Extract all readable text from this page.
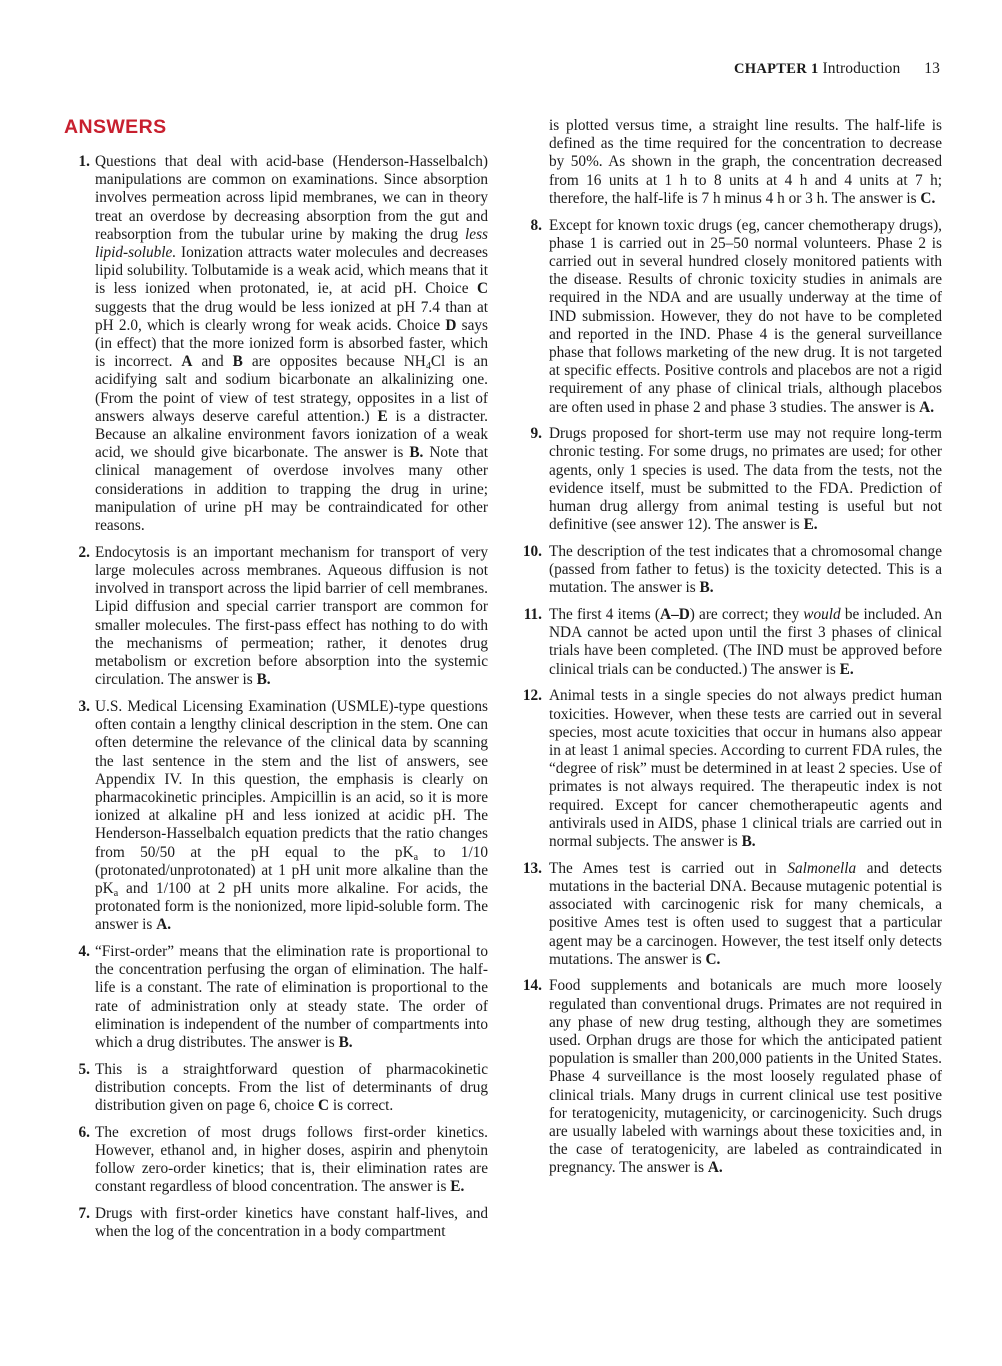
CHAPTER 1 Introduction 13
ANSWERS

1. Questions that deal with acid-base (Henderson-Hasselbalch) manipulations are common on examinations. Since absorption involves permeation across lipid membranes, we can in theory treat an overdose by decreasing absorption from the gut and reabsorption from the tubular urine by making the drug less lipid-soluble. Ionization attracts water molecules and decreases lipid solubility. Tolbutamide is a weak acid, which means that it is less ionized when protonated, ie, at acid pH. Choice C suggests that the drug would be less ionized at pH 7.4 than at pH 2.0, which is clearly wrong for weak acids. Choice D says (in effect) that the more ionized form is absorbed faster, which is incorrect. A and B are opposites because $NH_4Cl$ is an acidifying salt and sodium bicarbonate an alkalinizing one. (From the point of view of test strategy, opposites in a list of answers always deserve careful attention.) E is a distracter. Because an alkaline environment favors ionization of a weak acid, we should give bicarbonate. The answer is B. Note that clinical management of overdose involves many other considerations in addition to trapping the drug in urine; manipulation of urine pH may be contraindicated for other reasons.

2. Endocytosis is an important mechanism for transport of very large molecules across membranes. Aqueous diffusion is not involved in transport across the lipid barrier of cell membranes. Lipid diffusion and special carrier transport are common for smaller molecules. The first-pass effect has nothing to do with the mechanisms of permeation; rather, it denotes drug metabolism or excretion before absorption into the systemic circulation. The answer is B.

3. U.S. Medical Licensing Examination (USMLE)-type questions often contain a lengthy clinical description in the stem. One can often determine the relevance of the clinical data by scanning the last sentence in the stem and the list of answers, see Appendix IV. In this question, the emphasis is clearly on pharmacokinetic principles. Ampicillin is an acid, so it is more ionized at alkaline pH and less ionized at acidic pH. The Henderson-Hasselbalch equation predicts that the ratio changes from 50/50 at the pH equal to the $pK_a$ to 1/10 (protonated/unprotonated) at 1 pH unit more alkaline than the $pK_a$ and 1/100 at 2 pH units more alkaline. For acids, the protonated form is the nonionized, more lipid-soluble form. The answer is A.

4. “First-order” means that the elimination rate is proportional to the concentration perfusing the organ of elimination. The half-life is a constant. The rate of elimination is proportional to the rate of administration only at steady state. The order of elimination is independent of the number of compartments into which a drug distributes. The answer is B.

5. This is a straightforward question of pharmacokinetic distribution concepts. From the list of determinants of drug distribution given on page 6, choice C is correct.

6. The excretion of most drugs follows first-order kinetics. However, ethanol and, in higher doses, aspirin and phenytoin follow zero-order kinetics; that is, their elimination rates are constant regardless of blood concentration. The answer is E.

7. Drugs with first-order kinetics have constant half-lives, and when the log of the concentration in a body compartment

is plotted versus time, a straight line results. The half-life is defined as the time required for the concentration to decrease by 50%. As shown in the graph, the concentration decreased from 16 units at 1 h to 8 units at 4 h and 4 units at 7 h; therefore, the half-life is 7 h minus 4 h or 3 h. The answer is C.

8. Except for known toxic drugs (eg, cancer chemotherapy drugs), phase 1 is carried out in 25–50 normal volunteers. Phase 2 is carried out in several hundred closely monitored patients with the disease. Results of chronic toxicity studies in animals are required in the NDA and are usually underway at the time of IND submission. However, they do not have to be completed and reported in the IND. Phase 4 is the general surveillance phase that follows marketing of the new drug. It is not targeted at specific effects. Positive controls and placebos are not a rigid requirement of any phase of clinical trials, although placebos are often used in phase 2 and phase 3 studies. The answer is A.

9. Drugs proposed for short-term use may not require long-term chronic testing. For some drugs, no primates are used; for other agents, only 1 species is used. The data from the tests, not the evidence itself, must be submitted to the FDA. Prediction of human drug allergy from animal testing is useful but not definitive (see answer 12). The answer is E.

10. The description of the test indicates that a chromosomal change (passed from father to fetus) is the toxicity detected. This is a mutation. The answer is B.

11. The first 4 items (A–D) are correct; they would be included. An NDA cannot be acted upon until the first 3 phases of clinical trials have been completed. (The IND must be approved before clinical trials can be conducted.) The answer is E.

12. Animal tests in a single species do not always predict human toxicities. However, when these tests are carried out in several species, most acute toxicities that occur in humans also appear in at least 1 animal species. According to current FDA rules, the “degree of risk” must be determined in at least 2 species. Use of primates is not always required. The therapeutic index is not required. Except for cancer chemotherapeutic agents and antivirals used in AIDS, phase 1 clinical trials are carried out in normal subjects. The answer is B.

13. The Ames test is carried out in Salmonella and detects mutations in the bacterial DNA. Because mutagenic potential is associated with carcinogenic risk for many chemicals, a positive Ames test is often used to suggest that a particular agent may be a carcinogen. However, the test itself only detects mutations. The answer is C.

14. Food supplements and botanicals are much more loosely regulated than conventional drugs. Primates are not required in any phase of new drug testing, although they are sometimes used. Orphan drugs are those for which the anticipated patient population is smaller than 200,000 patients in the United States. Phase 4 surveillance is the most loosely regulated phase of clinical trials. Many drugs in current clinical use test positive for teratogenicity, mutagenicity, or carcinogenicity. Such drugs are usually labeled with warnings about these toxicities and, in the case of teratogenicity, are labeled as contraindicated in pregnancy. The answer is A.
